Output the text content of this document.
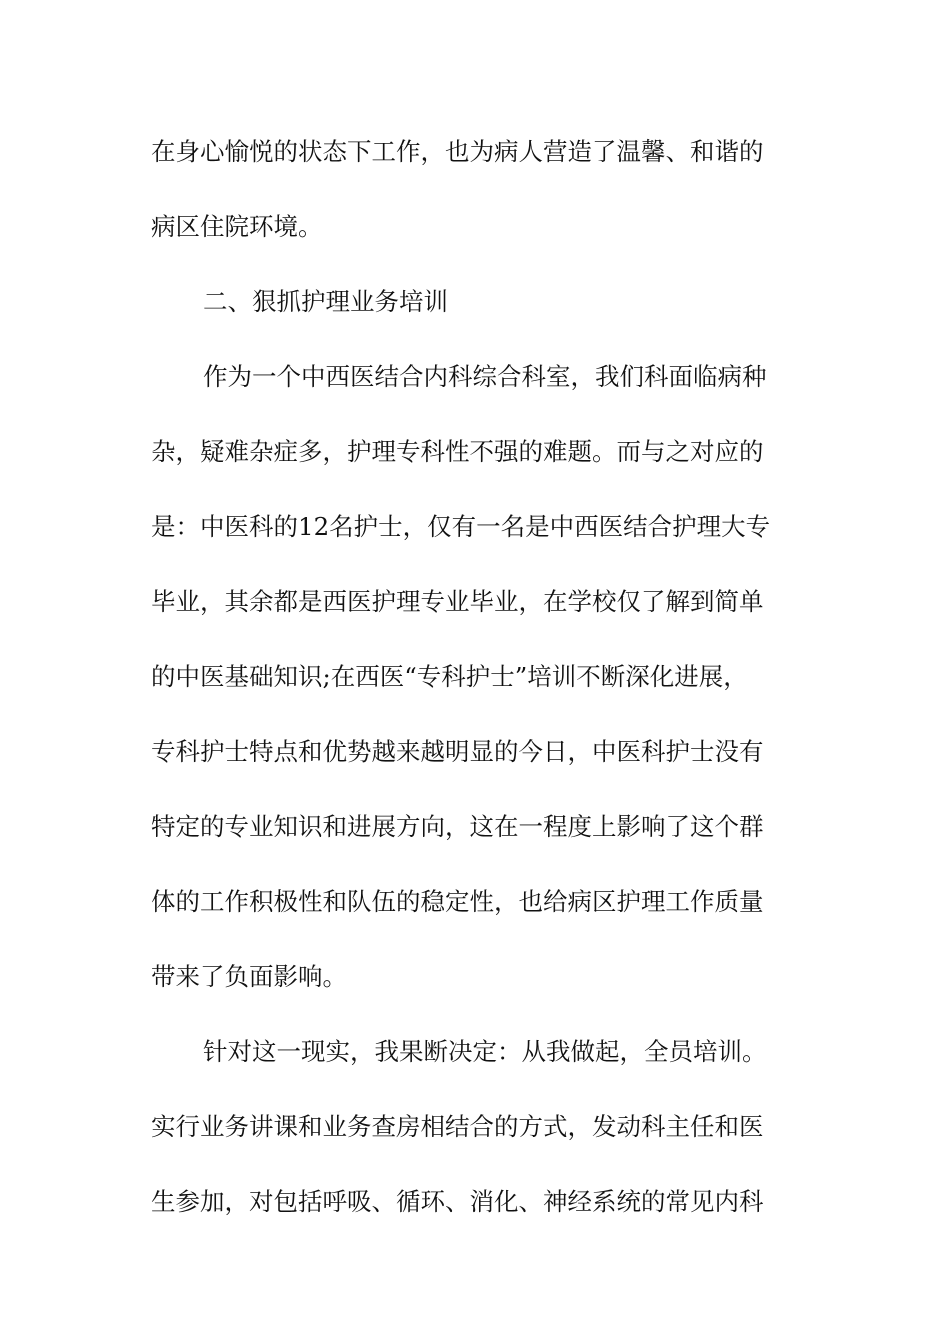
在身心愉悦的状态下工作，也为病人营造了温馨、和谐的
病区住院环境。
二、狠抓护理业务培训
作为一个中西医结合内科综合科室，我们科面临病种
杂，疑难杂症多，护理专科性不强的难题。而与之对应的
是：中医科的12名护士，仅有一名是中西医结合护理大专
毕业，其余都是西医护理专业毕业，在学校仅了解到简单
的中医基础知识;在西医“专科护士”培训不断深化进展，
专科护士特点和优势越来越明显的今日，中医科护士没有
特定的专业知识和进展方向，这在一程度上影响了这个群
体的工作积极性和队伍的稳定性，也给病区护理工作质量
带来了负面影响。
针对这一现实，我果断决定：从我做起，全员培训。
实行业务讲课和业务查房相结合的方式，发动科主任和医
生参加，对包括呼吸、循环、消化、神经系统的常见内科
